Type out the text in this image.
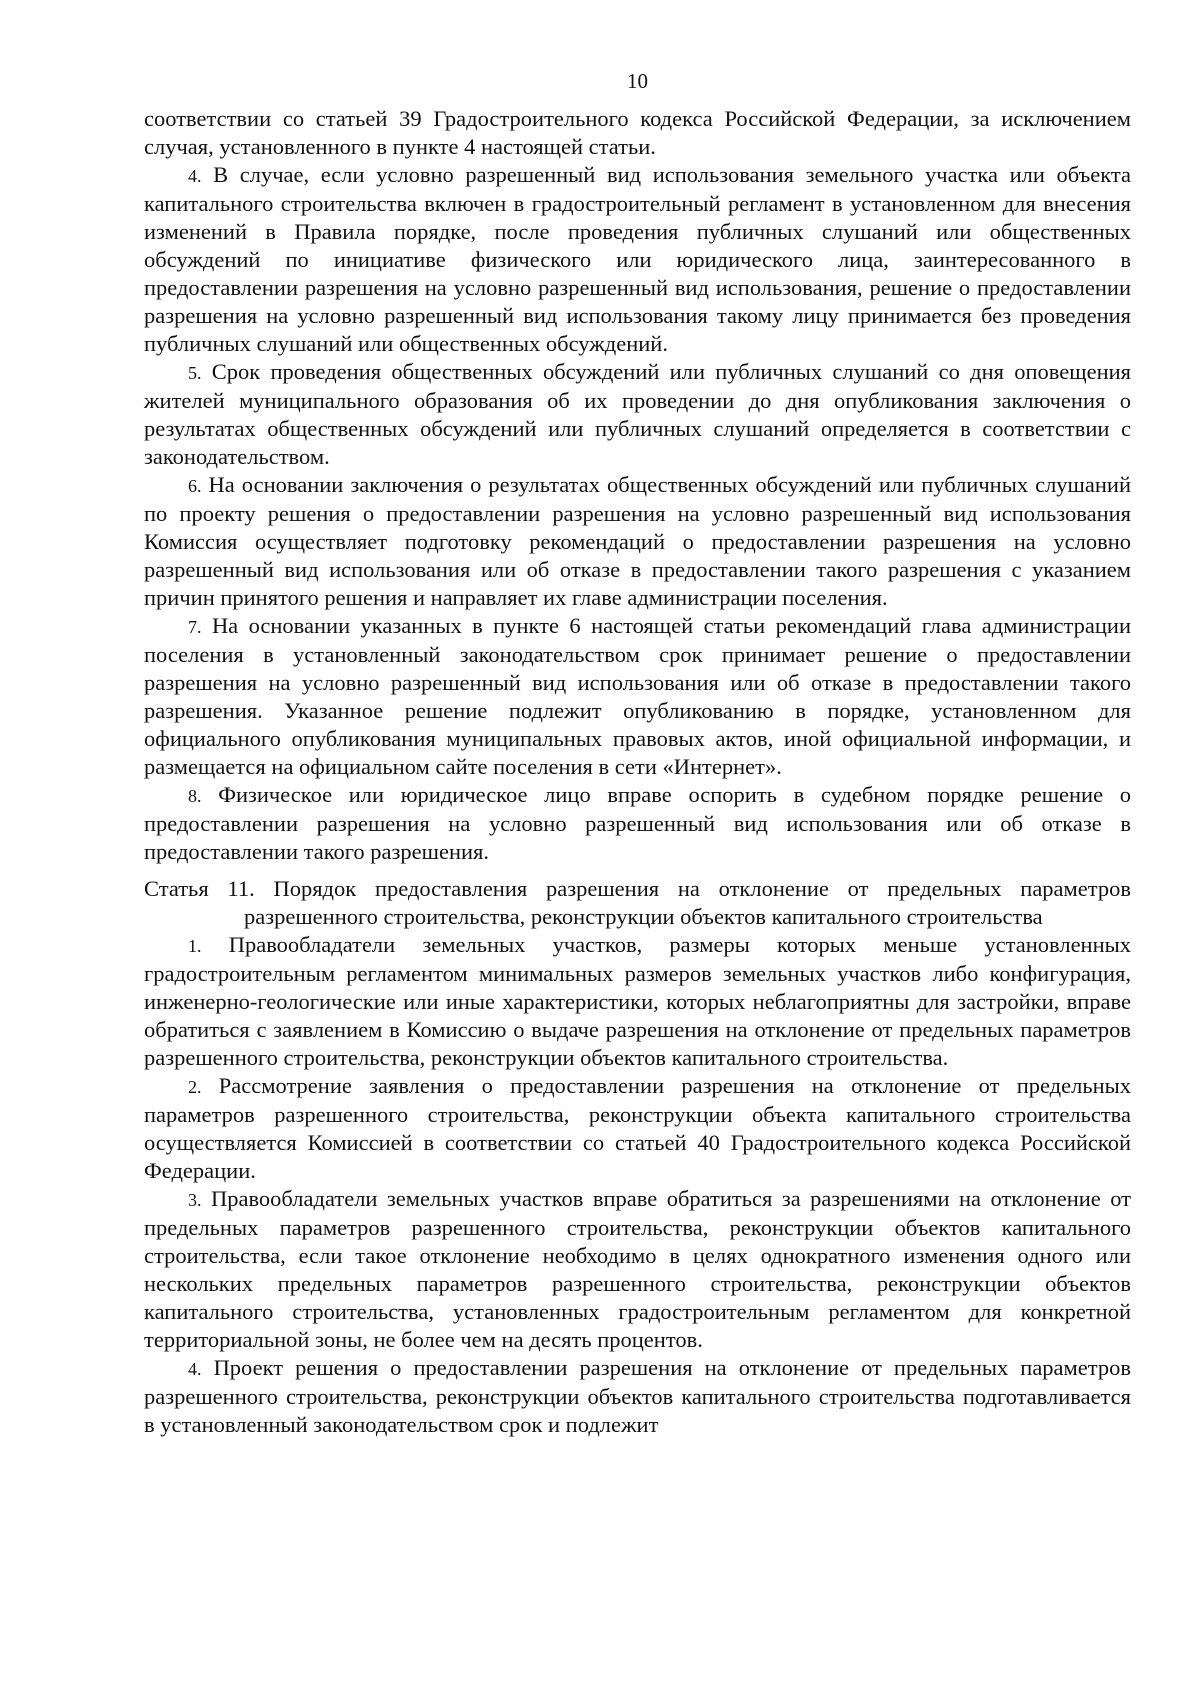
10

соответствии со статьей 39 Градостроительного кодекса Российской Федерации, за исключением случая, установленного в пункте 4 настоящей статьи.

4. В случае, если условно разрешенный вид использования земельного участка или объекта капитального строительства включен в градостроительный регламент в установленном для внесения изменений в Правила порядке, после проведения публичных слушаний или общественных обсуждений по инициативе физического или юридического лица, заинтересованного в предоставлении разрешения на условно разрешенный вид использования, решение о предоставлении разрешения на условно разрешенный вид использования такому лицу принимается без проведения публичных слушаний или общественных обсуждений.

5. Срок проведения общественных обсуждений или публичных слушаний со дня оповещения жителей муниципального образования об их проведении до дня опубликования заключения о результатах общественных обсуждений или публичных слушаний определяется в соответствии с законодательством.

6. На основании заключения о результатах общественных обсуждений или публичных слушаний по проекту решения о предоставлении разрешения на условно разрешенный вид использования Комиссия осуществляет подготовку рекомендаций о предоставлении разрешения на условно разрешенный вид использования или об отказе в предоставлении такого разрешения с указанием причин принятого решения и направляет их главе администрации поселения.

7. На основании указанных в пункте 6 настоящей статьи рекомендаций глава администрации поселения в установленный законодательством срок принимает решение о предоставлении разрешения на условно разрешенный вид использования или об отказе в предоставлении такого разрешения. Указанное решение подлежит опубликованию в порядке, установленном для официального опубликования муниципальных правовых актов, иной официальной информации, и размещается на официальном сайте поселения в сети «Интернет».

8. Физическое или юридическое лицо вправе оспорить в судебном порядке решение о предоставлении разрешения на условно разрешенный вид использования или об отказе в предоставлении такого разрешения.

Статья 11. Порядок предоставления разрешения на отклонение от предельных параметров разрешенного строительства, реконструкции объектов капитального строительства

1. Правообладатели земельных участков, размеры которых меньше установленных градостроительным регламентом минимальных размеров земельных участков либо конфигурация, инженерно-геологические или иные характеристики, которых неблагоприятны для застройки, вправе обратиться с заявлением в Комиссию о выдаче разрешения на отклонение от предельных параметров разрешенного строительства, реконструкции объектов капитального строительства.

2. Рассмотрение заявления о предоставлении разрешения на отклонение от предельных параметров разрешенного строительства, реконструкции объекта капитального строительства осуществляется Комиссией в соответствии со статьей 40 Градостроительного кодекса Российской Федерации.

3. Правообладатели земельных участков вправе обратиться за разрешениями на отклонение от предельных параметров разрешенного строительства, реконструкции объектов капитального строительства, если такое отклонение необходимо в целях однократного изменения одного или нескольких предельных параметров разрешенного строительства, реконструкции объектов капитального строительства, установленных градостроительным регламентом для конкретной территориальной зоны, не более чем на десять процентов.

4. Проект решения о предоставлении разрешения на отклонение от предельных параметров разрешенного строительства, реконструкции объектов капитального строительства подготавливается в установленный законодательством срок и подлежит
